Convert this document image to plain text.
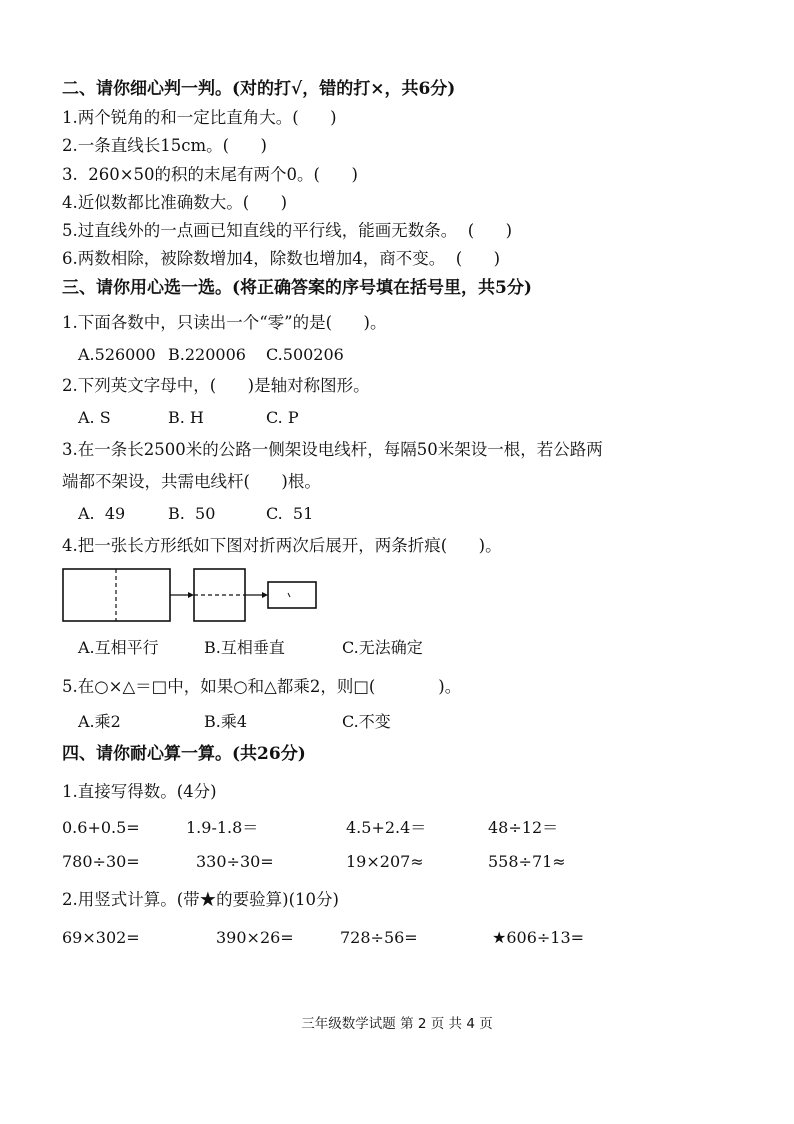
二、请你细心判一判。(对的打√，错的打×，共6分)
1.两个锐角的和一定比直角大。(      )
2.一条直线长15cm。(      )
3.  260×50的积的末尾有两个0。(      )
4.近似数都比准确数大。(      )
5.过直线外的一点画已知直线的平行线，能画无数条。  (      )
6.两数相除，被除数增加4，除数也增加4，商不变。  (      )
三、请你用心选一选。(将正确答案的序号填在括号里，共5分)
1.下面各数中，只读出一个“零”的是(      )。
A.526000 B.220006 C.500206
2.下列英文字母中，(      )是轴对称图形。
A. S	B. H	C. P
3.在一条长2500米的公路一侧架设电线杆，每隔50米架设一根，若公路两
端都不架设，共需电线杆(      )根。
A.  49	B.  50	C.  51
4.把一张长方形纸如下图对折两次后展开，两条折痕(      )。
A.互相平行	B.互相垂直	C.无法确定
5.在○×△＝□中，如果○和△都乘2，则□(            )。
A.乘2	B.乘4	C.不变
四、请你耐心算一算。(共26分)
1.直接写得数。(4分)
0.6+0.5=	1.9-1.8＝	4.5+2.4＝	48÷12＝
780÷30=	330÷30=	19×207≈	558÷71≈
2.用竖式计算。(带★的要验算)(10分)
69×302=	390×26=	728÷56=	★606÷13=
三年级数学试题 第 2 页 共 4 页
